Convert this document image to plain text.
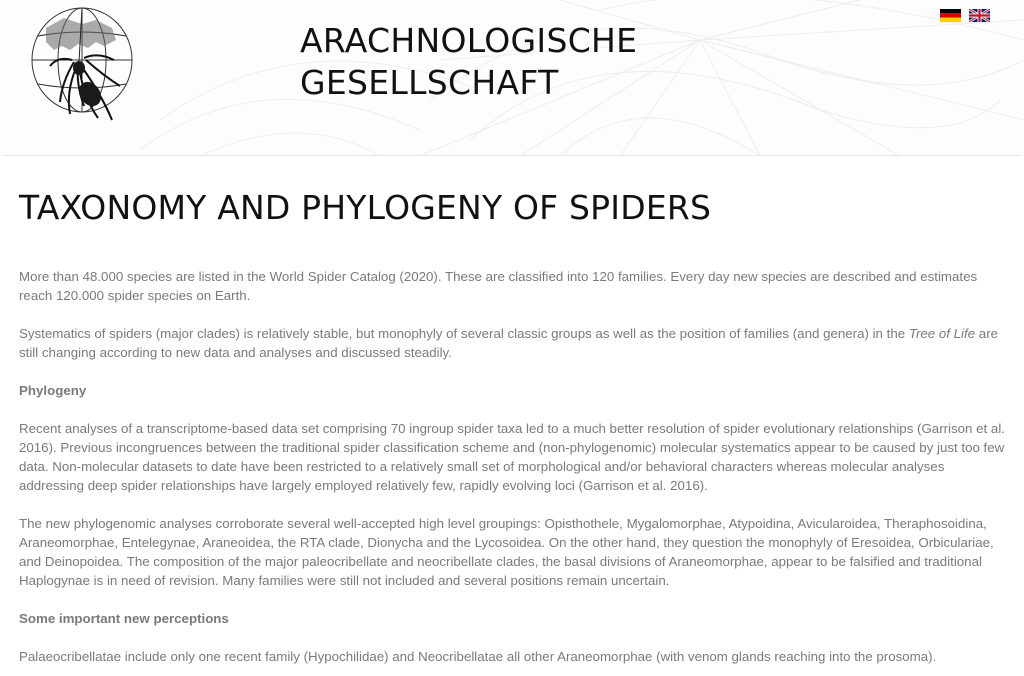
ARACHNOLOGISCHE
GESELLSCHAFT
TAXONOMY AND PHYLOGENY OF SPIDERS

More than 48.000 species are listed in the World Spider Catalog (2020). These are classified into 120 families. Every day new species are described and estimates reach 120.000 spider species on Earth.

Systematics of spiders (major clades) is relatively stable, but monophyly of several classic groups as well as the position of families (and genera) in the Tree of Life are still changing according to new data and analyses and discussed steadily.

Phylogeny

Recent analyses of a transcriptome-based data set comprising 70 ingroup spider taxa led to a much better resolution of spider evolutionary relationships (Garrison et al. 2016). Previous incongruences between the traditional spider classification scheme and (non-phylogenomic) molecular systematics appear to be caused by just too few data. Non-molecular datasets to date have been restricted to a relatively small set of morphological and/or behavioral characters whereas molecular analyses addressing deep spider relationships have largely employed relatively few, rapidly evolving loci (Garrison et al. 2016).

The new phylogenomic analyses corroborate several well-accepted high level groupings: Opisthothele, Mygalomorphae, Atypoidina, Avicularoidea, Theraphosoidina, Araneomorphae, Entelegynae, Araneoidea, the RTA clade, Dionycha and the Lycosoidea. On the other hand, they question the monophyly of Eresoidea, Orbiculariae, and Deinopoidea. The composition of the major paleocribellate and neocribellate clades, the basal divisions of Araneomorphae, appear to be falsified and traditional Haplogynae is in need of revision. Many families were still not included and several positions remain uncertain.

Some important new perceptions

Palaeocribellatae include only one recent family (Hypochilidae) and Neocribellatae all other Araneomorphae (with venom glands reaching into the prosoma).
